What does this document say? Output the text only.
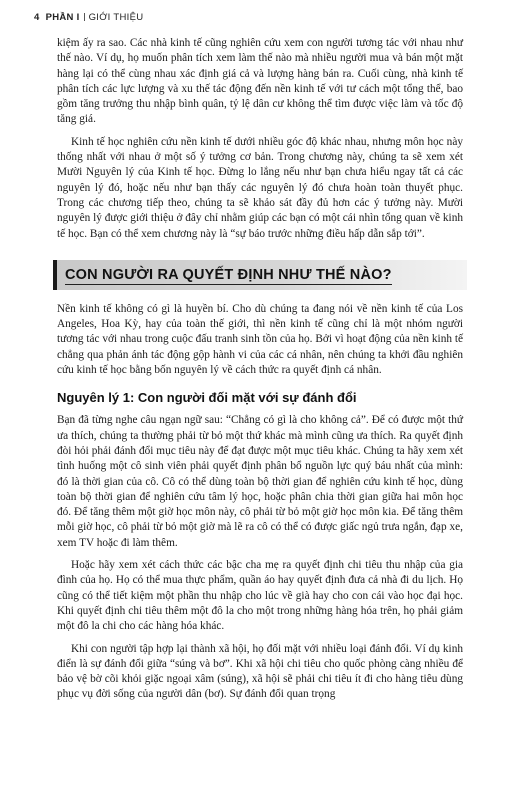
4 PHẦN I GIỚI THIỆU

kiệm ấy ra sao. Các nhà kinh tế cũng nghiên cứu xem con người tương tác với nhau như thế nào. Ví dụ, họ muốn phân tích xem làm thế nào mà nhiều người mua và bán một mặt hàng lại có thể cùng nhau xác định giá cả và lượng hàng bán ra. Cuối cùng, nhà kinh tế phân tích các lực lượng và xu thế tác động đến nền kinh tế với tư cách một tổng thể, bao gồm tăng trưởng thu nhập bình quân, tỷ lệ dân cư không thể tìm được việc làm và tốc độ tăng giá.

Kinh tế học nghiên cứu nền kinh tế dưới nhiều góc độ khác nhau, nhưng môn học này thống nhất với nhau ở một số ý tưởng cơ bản. Trong chương này, chúng ta sẽ xem xét Mười Nguyên lý của Kinh tế học. Đừng lo lắng nếu như bạn chưa hiểu ngay tất cả các nguyên lý đó, hoặc nếu như bạn thấy các nguyên lý đó chưa hoàn toàn thuyết phục. Trong các chương tiếp theo, chúng ta sẽ khảo sát đầy đủ hơn các ý tưởng này. Mười nguyên lý được giới thiệu ở đây chỉ nhằm giúp các bạn có một cái nhìn tổng quan về kinh tế học. Bạn có thể xem chương này là “sự báo trước những điều hấp dẫn sắp tới”.

CON NGƯỜI RA QUYẾT ĐỊNH NHƯ THẾ NÀO?

Nền kinh tế không có gì là huyền bí. Cho dù chúng ta đang nói về nền kinh tế của Los Angeles, Hoa Kỳ, hay của toàn thế giới, thì nền kinh tế cũng chỉ là một nhóm người tương tác với nhau trong cuộc đấu tranh sinh tồn của họ. Bởi vì hoạt động của nền kinh tế chẳng qua phản ánh tác động gộp hành vi của các cá nhân, nên chúng ta khởi đầu nghiên cứu kinh tế học bằng bốn nguyên lý về cách thức ra quyết định cá nhân.

Nguyên lý 1: Con người đối mặt với sự đánh đổi

Bạn đã từng nghe câu ngạn ngữ sau: “Chẳng có gì là cho không cả”. Để có được một thứ ưa thích, chúng ta thường phải từ bỏ một thứ khác mà mình cũng ưa thích. Ra quyết định đòi hỏi phải đánh đổi mục tiêu này để đạt được một mục tiêu khác. Chúng ta hãy xem xét tình huống một cô sinh viên phải quyết định phân bổ nguồn lực quý báu nhất của mình: đó là thời gian của cô. Cô có thể dùng toàn bộ thời gian để nghiên cứu kinh tế học, dùng toàn bộ thời gian để nghiên cứu tâm lý học, hoặc phân chia thời gian giữa hai môn học đó. Để tăng thêm một giờ học môn này, cô phải từ bỏ một giờ học môn kia. Để tăng thêm mỗi giờ học, cô phải từ bỏ một giờ mà lẽ ra cô có thể có được giấc ngủ trưa ngắn, đạp xe, xem TV hoặc đi làm thêm.

Hoặc hãy xem xét cách thức các bậc cha mẹ ra quyết định chi tiêu thu nhập của gia đình của họ. Họ có thể mua thực phẩm, quần áo hay quyết định đưa cả nhà đi du lịch. Họ cũng có thể tiết kiệm một phần thu nhập cho lúc về già hay cho con cái vào học đại học. Khi quyết định chi tiêu thêm một đô la cho một trong những hàng hóa trên, họ phải giảm một đô la chi cho các hàng hóa khác.

Khi con người tập hợp lại thành xã hội, họ đối mặt với nhiều loại đánh đổi. Ví dụ kinh điển là sự đánh đổi giữa “súng và bơ”. Khi xã hội chi tiêu cho quốc phòng càng nhiều để bảo vệ bờ cõi khỏi giặc ngoại xâm (súng), xã hội sẽ phải chi tiêu ít đi cho hàng tiêu dùng phục vụ đời sống của người dân (bơ). Sự đánh đổi quan trọng
